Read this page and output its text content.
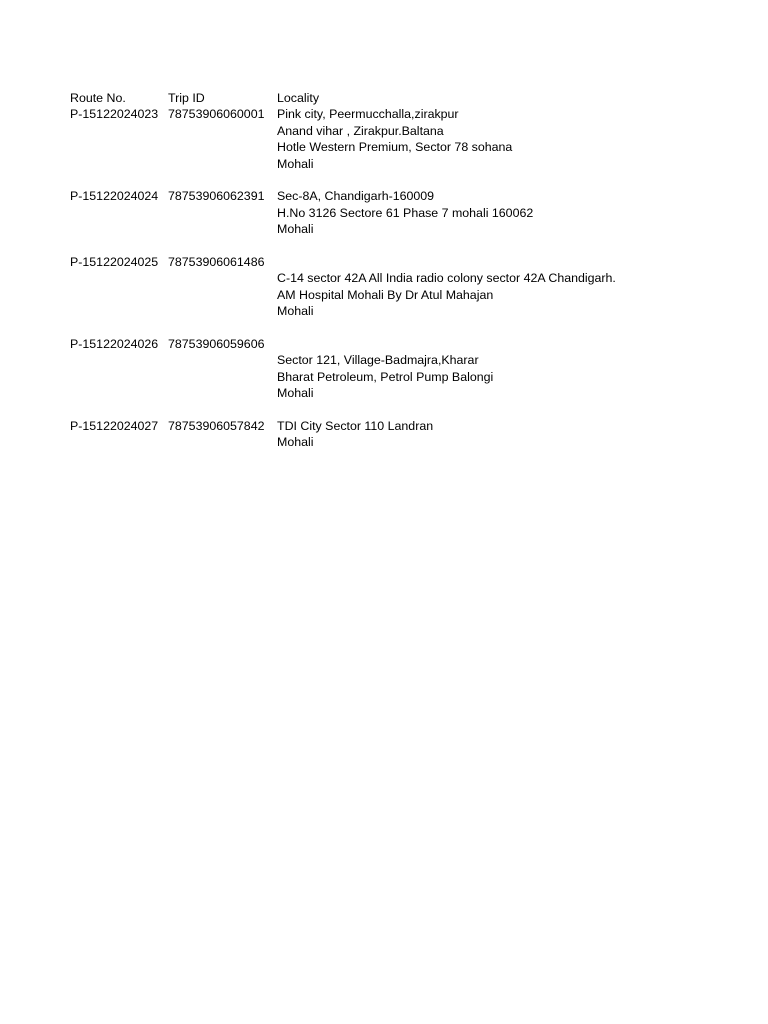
Route No.	Trip ID	Locality
P-15122024023 78753906060001	Pink city, Peermucchalla,zirakpur
Anand vihar , Zirakpur.Baltana
Hotle Western Premium, Sector 78 sohana
Mohali
P-15122024024 78753906062391	Sec-8A, Chandigarh-160009
H.No 3126 Sectore 61 Phase 7 mohali 160062
Mohali
P-15122024025 78753906061486
C-14 sector 42A All India radio colony sector 42A Chandigarh.
AM Hospital Mohali By Dr Atul Mahajan
Mohali
P-15122024026 78753906059606
Sector 121, Village-Badmajra,Kharar
Bharat Petroleum, Petrol Pump Balongi
Mohali
P-15122024027 78753906057842	TDI City Sector 110 Landran
Mohali
